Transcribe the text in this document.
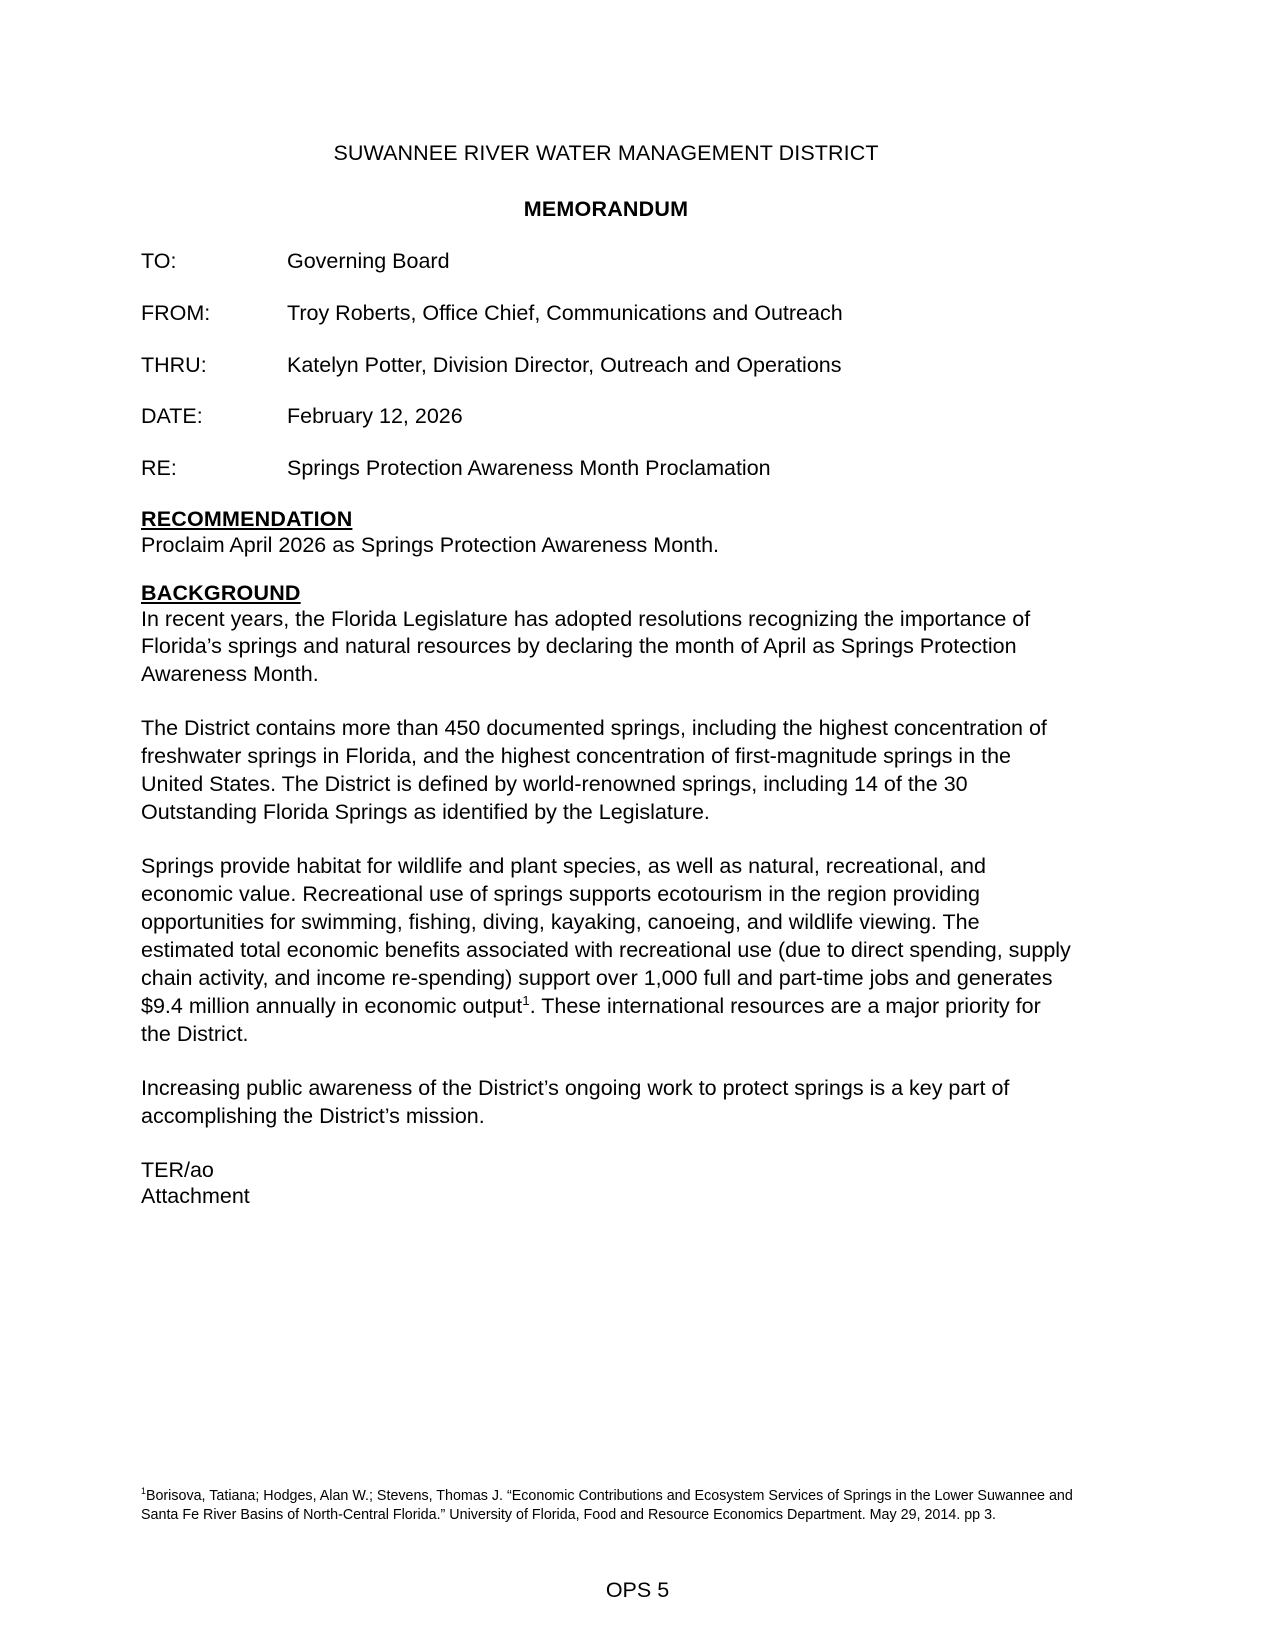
SUWANNEE RIVER WATER MANAGEMENT DISTRICT
MEMORANDUM
TO:	Governing Board
FROM:	Troy Roberts, Office Chief, Communications and Outreach
THRU:	Katelyn Potter, Division Director, Outreach and Operations
DATE:	February 12, 2026
RE:	Springs Protection Awareness Month Proclamation
RECOMMENDATION
Proclaim April 2026 as Springs Protection Awareness Month.
BACKGROUND
In recent years, the Florida Legislature has adopted resolutions recognizing the importance of Florida’s springs and natural resources by declaring the month of April as Springs Protection Awareness Month.

The District contains more than 450 documented springs, including the highest concentration of freshwater springs in Florida, and the highest concentration of first-magnitude springs in the United States. The District is defined by world-renowned springs, including 14 of the 30 Outstanding Florida Springs as identified by the Legislature.

Springs provide habitat for wildlife and plant species, as well as natural, recreational, and economic value. Recreational use of springs supports ecotourism in the region providing opportunities for swimming, fishing, diving, kayaking, canoeing, and wildlife viewing. The estimated total economic benefits associated with recreational use (due to direct spending, supply chain activity, and income re-spending) support over 1,000 full and part-time jobs and generates $9.4 million annually in economic output$^1$. These international resources are a major priority for the District.

Increasing public awareness of the District’s ongoing work to protect springs is a key part of accomplishing the District’s mission.

TER/ao
Attachment
$^1$Borisova, Tatiana; Hodges, Alan W.; Stevens, Thomas J. “Economic Contributions and Ecosystem Services of Springs in the Lower Suwannee and Santa Fe River Basins of North-Central Florida.” University of Florida, Food and Resource Economics Department. May 29, 2014. pp 3.
OPS 5
